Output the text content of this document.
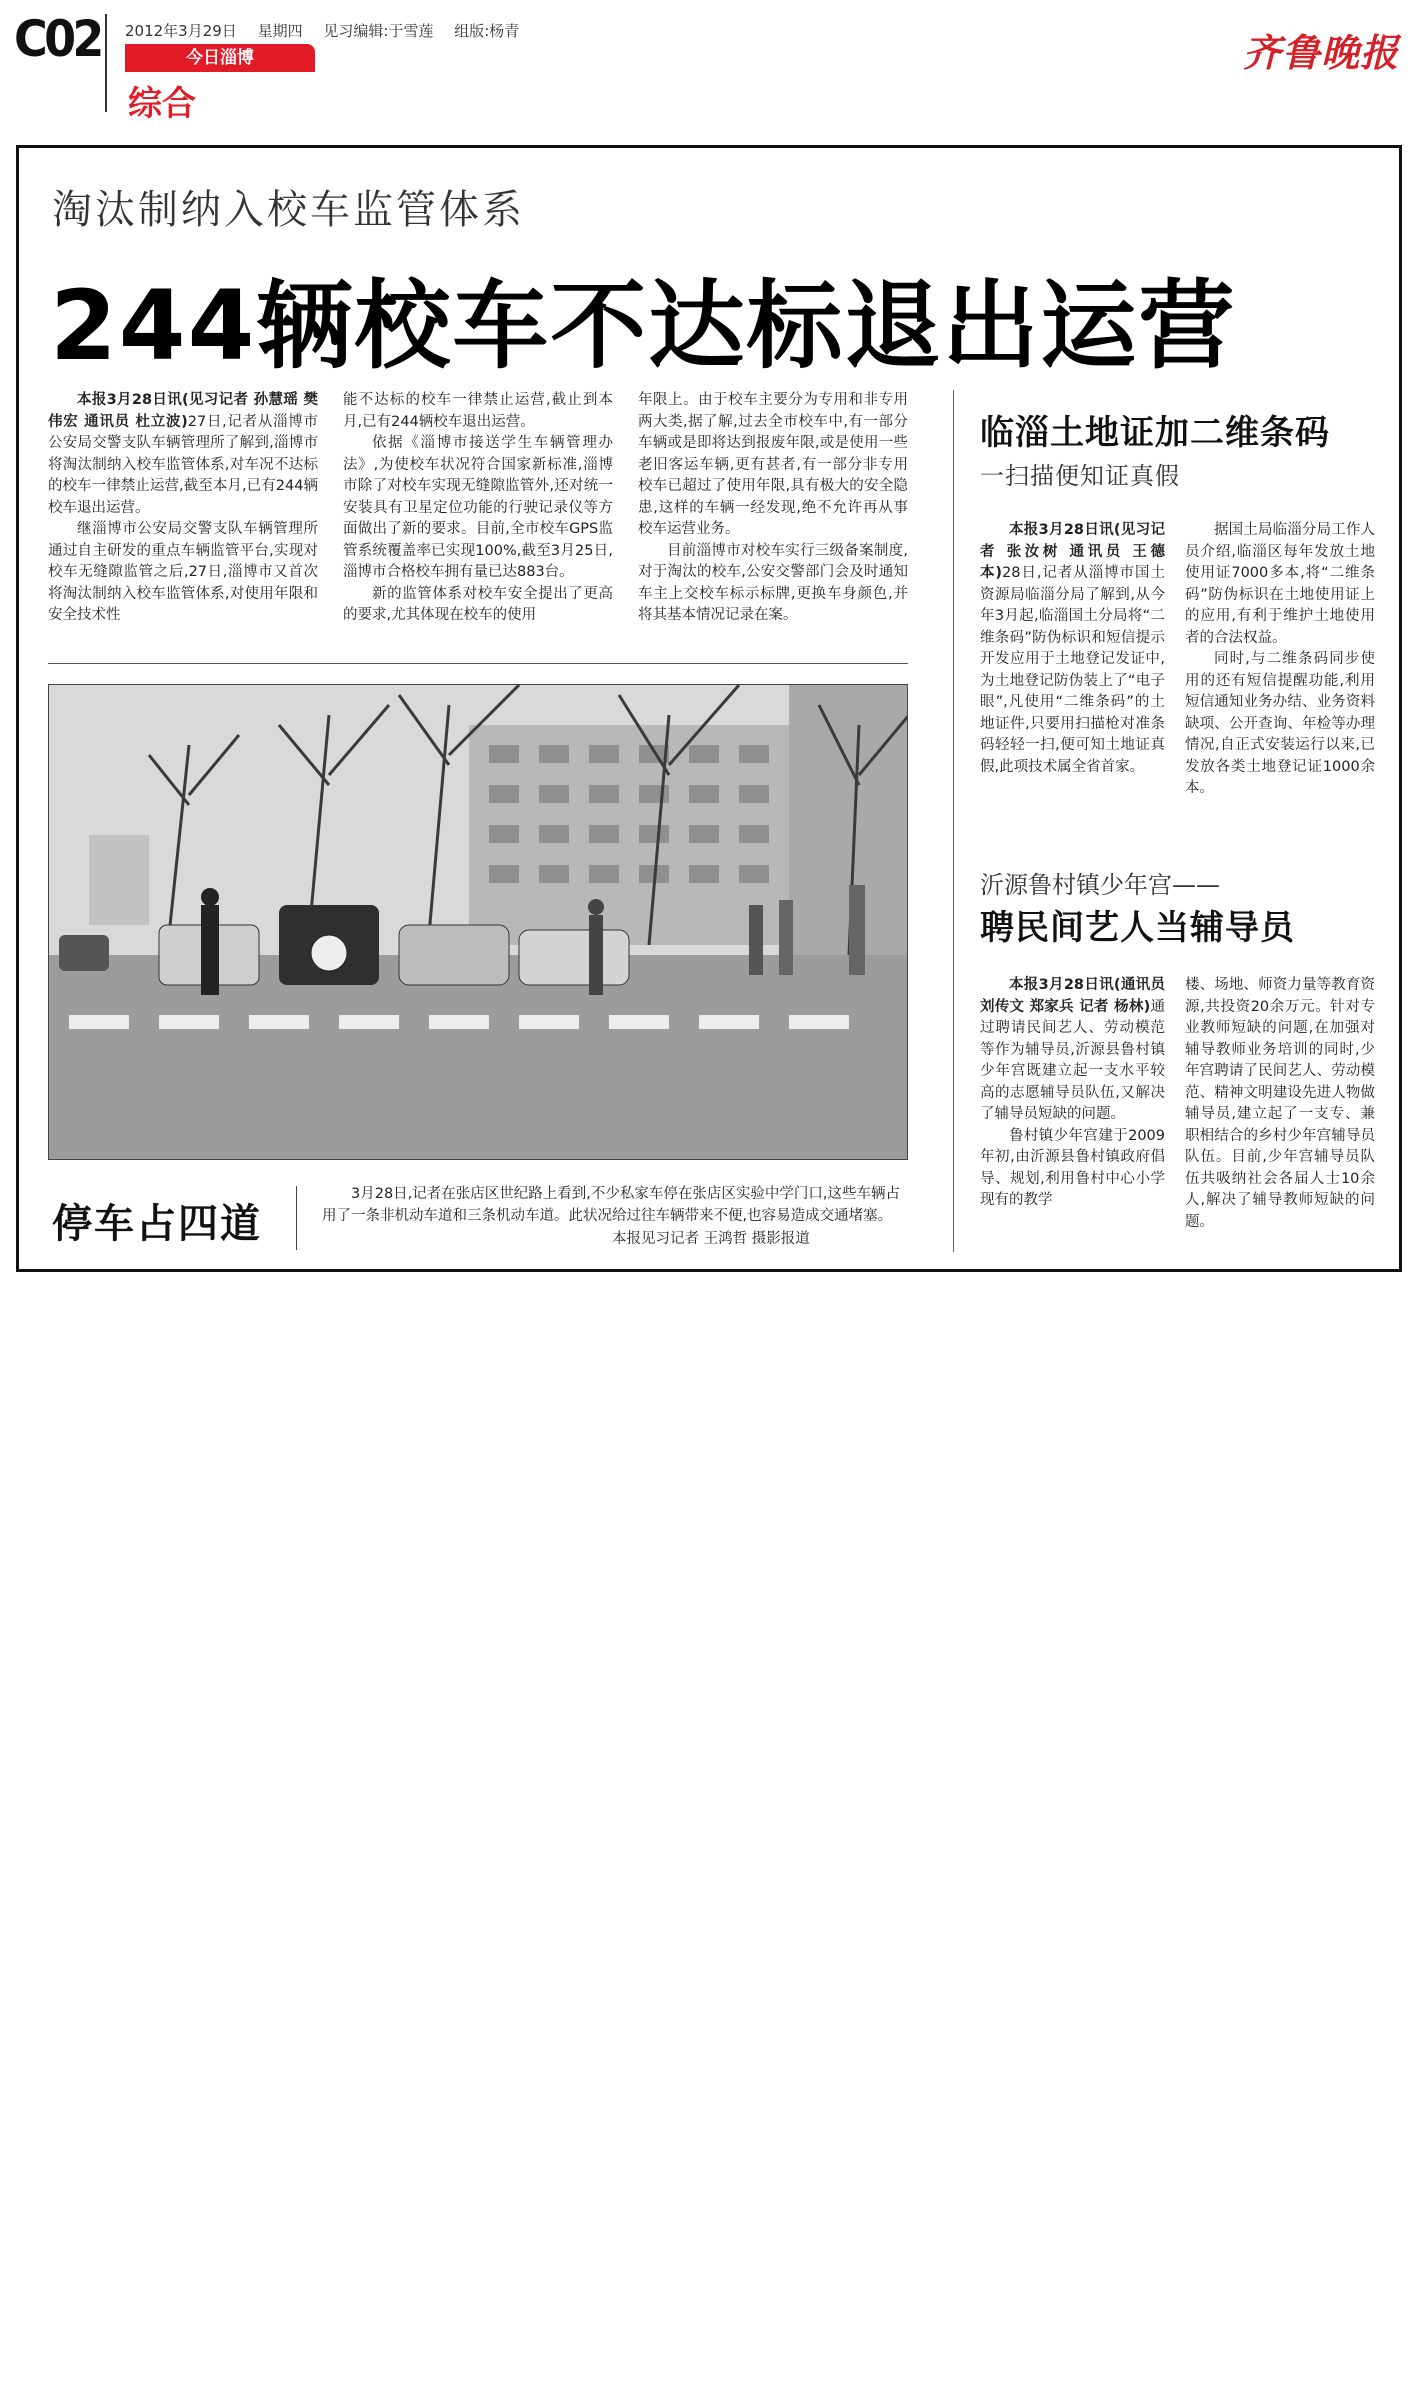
C02 2012年3月29日 星期四 见习编辑:于雪莲 组版:杨青
今日淄博
综合
齐鲁晚报
淘汰制纳入校车监管体系
244辆校车不达标退出运营

本报3月28日讯(见习记者 孙慧瑶 樊伟宏 通讯员 杜立波)27日,记者从淄博市公安局交警支队车辆管理所了解到,淄博市将淘汰制纳入校车监管体系,对车况不达标的校车一律禁止运营,截至本月,已有244辆校车退出运营。

继淄博市公安局交警支队车辆管理所通过自主研发的重点车辆监管平台,实现对校车无缝隙监管之后,27日,淄博市又首次将淘汰制纳入校车监管体系,对使用年限和安全技术性

能不达标的校车一律禁止运营,截止到本月,已有244辆校车退出运营。

依据《淄博市接送学生车辆管理办法》,为使校车状况符合国家新标准,淄博市除了对校车实现无缝隙监管外,还对统一安装具有卫星定位功能的行驶记录仪等方面做出了新的要求。目前,全市校车GPS监管系统覆盖率已实现100%,截至3月25日,淄博市合格校车拥有量已达883台。

新的监管体系对校车安全提出了更高的要求,尤其体现在校车的使用

年限上。由于校车主要分为专用和非专用两大类,据了解,过去全市校车中,有一部分车辆或是即将达到报废年限,或是使用一些老旧客运车辆,更有甚者,有一部分非专用校车已超过了使用年限,具有极大的安全隐患,这样的车辆一经发现,绝不允许再从事校车运营业务。

目前淄博市对校车实行三级备案制度,对于淘汰的校车,公安交警部门会及时通知车主上交校车标示标牌,更换车身颜色,并将其基本情况记录在案。

停车占四道

3月28日,记者在张店区世纪路上看到,不少私家车停在张店区实验中学门口,这些车辆占用了一条非机动车道和三条机动车道。此状况给过往车辆带来不便,也容易造成交通堵塞。

本报见习记者 王鸿哲 摄影报道
临淄土地证加二维条码
一扫描便知证真假

本报3月28日讯(见习记者 张汝树 通讯员 王德本)28日,记者从淄博市国土资源局临淄分局了解到,从今年3月起,临淄国土分局将“二维条码”防伪标识和短信提示开发应用于土地登记发证中,为土地登记防伪装上了“电子眼”,凡使用“二维条码”的土地证件,只要用扫描枪对准条码轻轻一扫,便可知土地证真假,此项技术属全省首家。

据国土局临淄分局工作人员介绍,临淄区每年发放土地使用证7000多本,将“二维条码”防伪标识在土地使用证上的应用,有利于维护土地使用者的合法权益。

同时,与二维条码同步使用的还有短信提醒功能,利用短信通知业务办结、业务资料缺项、公开查询、年检等办理情况,自正式安装运行以来,已发放各类土地登记证1000余本。

沂源鲁村镇少年宫——
聘民间艺人当辅导员

本报3月28日讯(通讯员 刘传文 郑家兵 记者 杨林)通过聘请民间艺人、劳动模范等作为辅导员,沂源县鲁村镇少年宫既建立起一支水平较高的志愿辅导员队伍,又解决了辅导员短缺的问题。

鲁村镇少年宫建于2009年初,由沂源县鲁村镇政府倡导、规划,利用鲁村中心小学现有的教学

楼、场地、师资力量等教育资源,共投资20余万元。针对专业教师短缺的问题,在加强对辅导教师业务培训的同时,少年宫聘请了民间艺人、劳动模范、精神文明建设先进人物做辅导员,建立起了一支专、兼职相结合的乡村少年宫辅导员队伍。目前,少年宫辅导员队伍共吸纳社会各届人士10余人,解决了辅导教师短缺的问题。
